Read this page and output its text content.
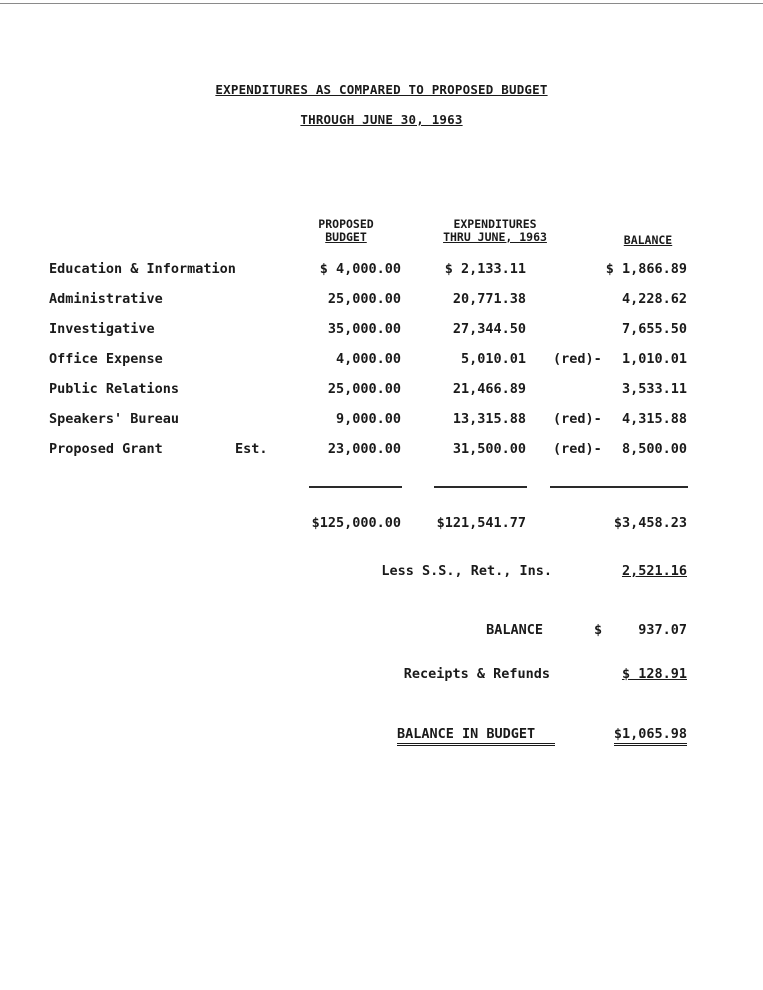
EXPENDITURES AS COMPARED TO PROPOSED BUDGET
THROUGH JUNE 30, 1963
PROPOSED
BUDGET
EXPENDITURES
THRU JUNE, 1963	BALANCE
Education & Information	$ 4,000.00	$ 2,133.11	$ 1,866.89
Administrative	25,000.00	20,771.38	4,228.62
Investigative	35,000.00	27,344.50	7,655.50
Office Expense	4,000.00	5,010.01 (red)- 1,010.01
Public Relations	25,000.00	21,466.89	3,533.11
Speakers' Bureau	9,000.00	13,315.88 (red)- 4,315.88
Proposed Grant	Est.	23,000.00	31,500.00 (red)- 8,500.00
$125,000.00	$121,541.77	$3,458.23
Less S.S., Ret., Ins.	2,521.16
BALANCE	$	937.07
Receipts & Refunds	$ 128.91
BALANCE IN BUDGET	$1,065.98
